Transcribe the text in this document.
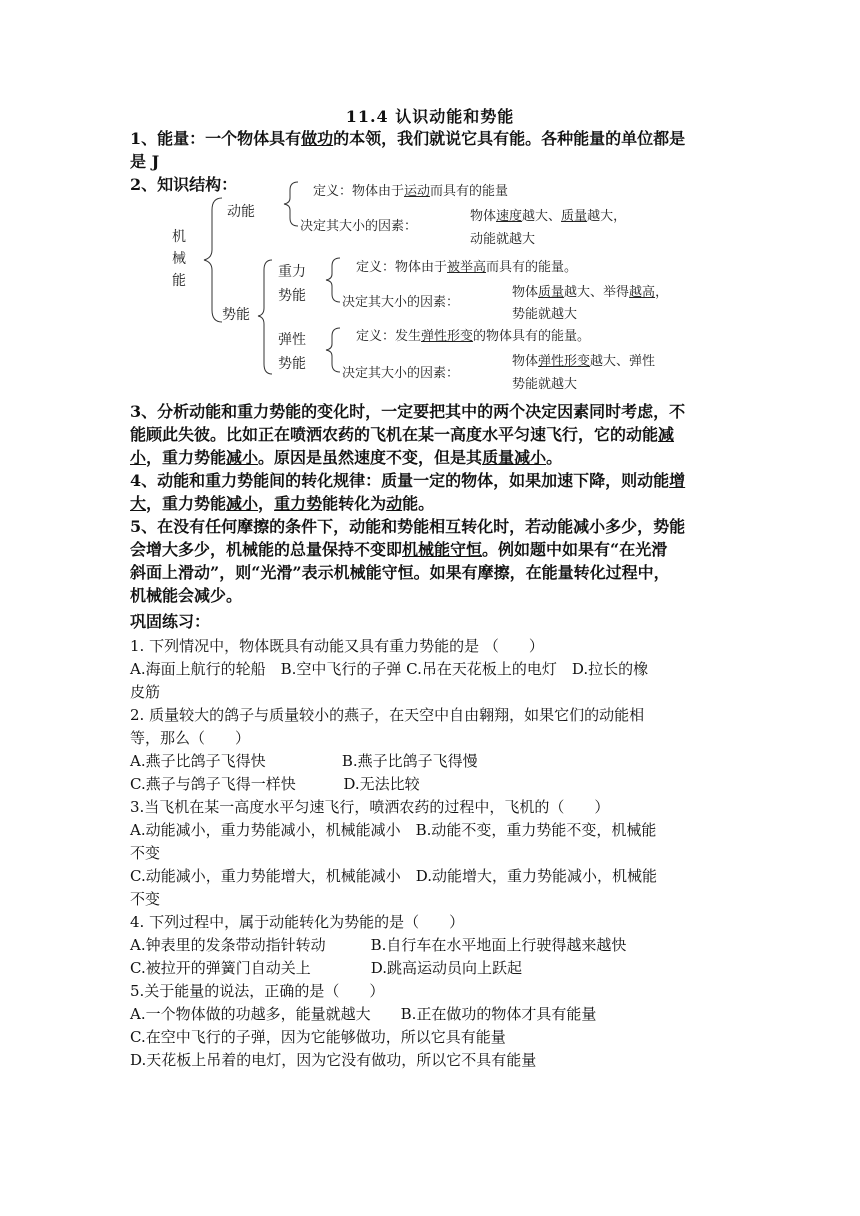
11.4 认识动能和势能
1、能量：一个物体具有做功的本领，我们就说它具有能。各种能量的单位都是
是 J
2、知识结构：
机
械
能
动能
定义：物体由于运动而具有的能量
决定其大小的因素：
物体速度越大、质量越大，
动能就越大
势能
重力
势能
定义：物体由于被举高而具有的能量。
决定其大小的因素：
物体质量越大、举得越高，
势能就越大
弹性
势能
定义：发生弹性形变的物体具有的能量。
决定其大小的因素：
物体弹性形变越大、弹性
势能就越大
3、分析动能和重力势能的变化时，一定要把其中的两个决定因素同时考虑，不
能顾此失彼。比如正在喷洒农药的飞机在某一高度水平匀速飞行，它的动能减
小，重力势能减小。原因是虽然速度不变，但是其质量减小。
4、动能和重力势能间的转化规律：质量一定的物体，如果加速下降，则动能增
大，重力势能减小，重力势能转化为动能。
5、在没有任何摩擦的条件下，动能和势能相互转化时，若动能减小多少，势能
会增大多少，机械能的总量保持不变即机械能守恒。例如题中如果有“在光滑
斜面上滑动”，则“光滑”表示机械能守恒。如果有摩擦，在能量转化过程中，
机械能会减少。
巩固练习：
1. 下列情况中，物体既具有动能又具有重力势能的是 （　　）
A.海面上航行的轮船　B.空中飞行的子弹 C.吊在天花板上的电灯　D.拉长的橡
皮筋
2. 质量较大的鸽子与质量较小的燕子，在天空中自由翱翔，如果它们的动能相
等，那么（　　）
A.燕子比鸽子飞得快                B.燕子比鸽子飞得慢
C.燕子与鸽子飞得一样快          D.无法比较
3.当飞机在某一高度水平匀速飞行，喷洒农药的过程中，飞机的（　　）
A.动能减小，重力势能减小，机械能减小　B.动能不变，重力势能不变，机械能
不变
C.动能减小，重力势能增大，机械能减小　D.动能增大，重力势能减小，机械能
不变
4. 下列过程中，属于动能转化为势能的是（　　）
A.钟表里的发条带动指针转动　　　B.自行车在水平地面上行驶得越来越快
C.被拉开的弹簧门自动关上　　　　D.跳高运动员向上跃起
5.关于能量的说法，正确的是（　　）
A.一个物体做的功越多，能量就越大　　B.正在做功的物体才具有能量
C.在空中飞行的子弹，因为它能够做功，所以它具有能量
D.天花板上吊着的电灯，因为它没有做功，所以它不具有能量
